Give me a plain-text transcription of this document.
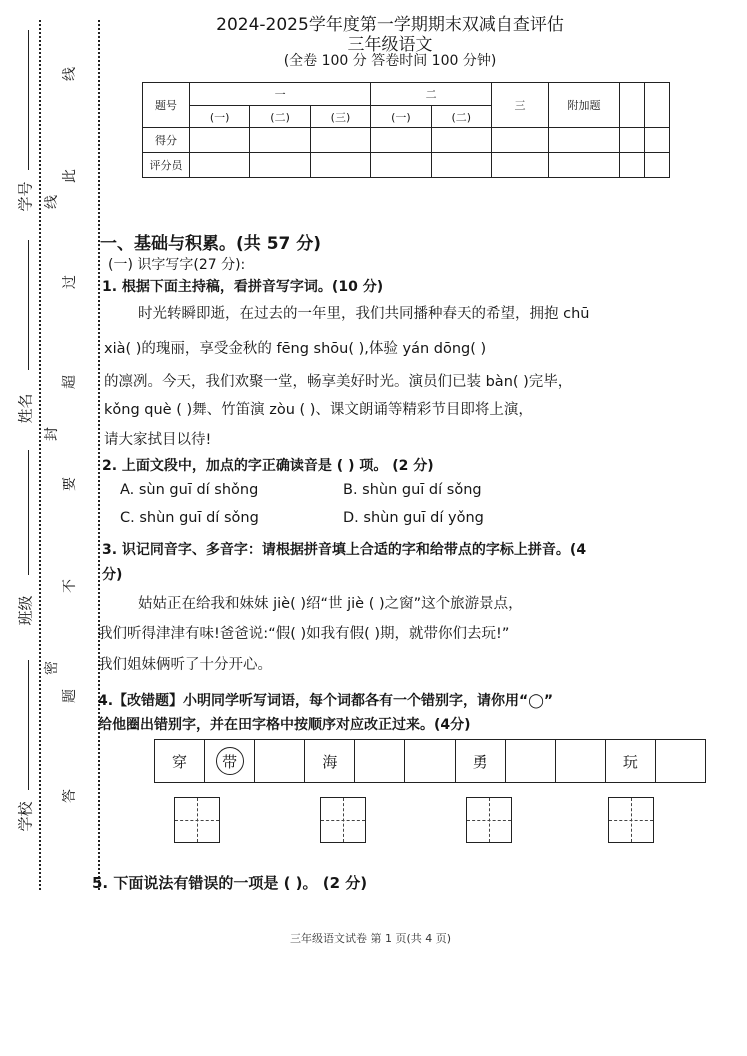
学号
姓名
班级
学校
线
此
线
过
超
封
要
不
密
题
答
2024-2025学年度第一学期期末双减自查评估
三年级语文
(全卷 100 分 答卷时间 100 分钟)
题号	一			二		三	附加题		
	(一)	(二)	(三)	(一)	(二)				
得分									
评分员									
一、基础与积累。(共 57 分)
(一) 识字写字(27 分):
1. 根据下面主持稿，看拼音写字词。(10 分)
时光转瞬即逝，在过去的一年里，我们共同播种春天的希望，拥抱 chū
xià( )的瑰丽，享受金秋的 fēng shōu( ),体验 yán dōng( )
的凛冽。今天，我们欢聚一堂，畅享美好时光。演员们已装 bàn( )完毕，
kǒng què ( )舞、竹笛演 zòu ( )、课文朗诵等精彩节目即将上演，
请大家拭目以待!
2. 上面文段中，加点的字正确读音是 ( ) 项。 (2 分)
A. sùn guī dí shǒng	B. shùn guī dí sǒng
C. shùn guī dí sǒng	D. shùn guī dí yǒng
3. 识记同音字、多音字：请根据拼音填上合适的字和给带点的字标上拼音。(4
分)
姑姑正在给我和妹妹 jiè( )绍“世 jiè ( )之窗”这个旅游景点，
我们听得津津有味!爸爸说:“假( )如我有假( )期，就带你们去玩!”
我们姐妹俩听了十分开心。
4.【改错题】小明同学听写词语，每个词都各有一个错别字，请你用“◯”
给他圈出错别字，并在田字格中按顺序对应改正过来。(4分)
穿	带	海	勇	玩
5. 下面说法有错误的一项是 ( )。 (2 分)
三年级语文试卷 第 1 页(共 4 页)
